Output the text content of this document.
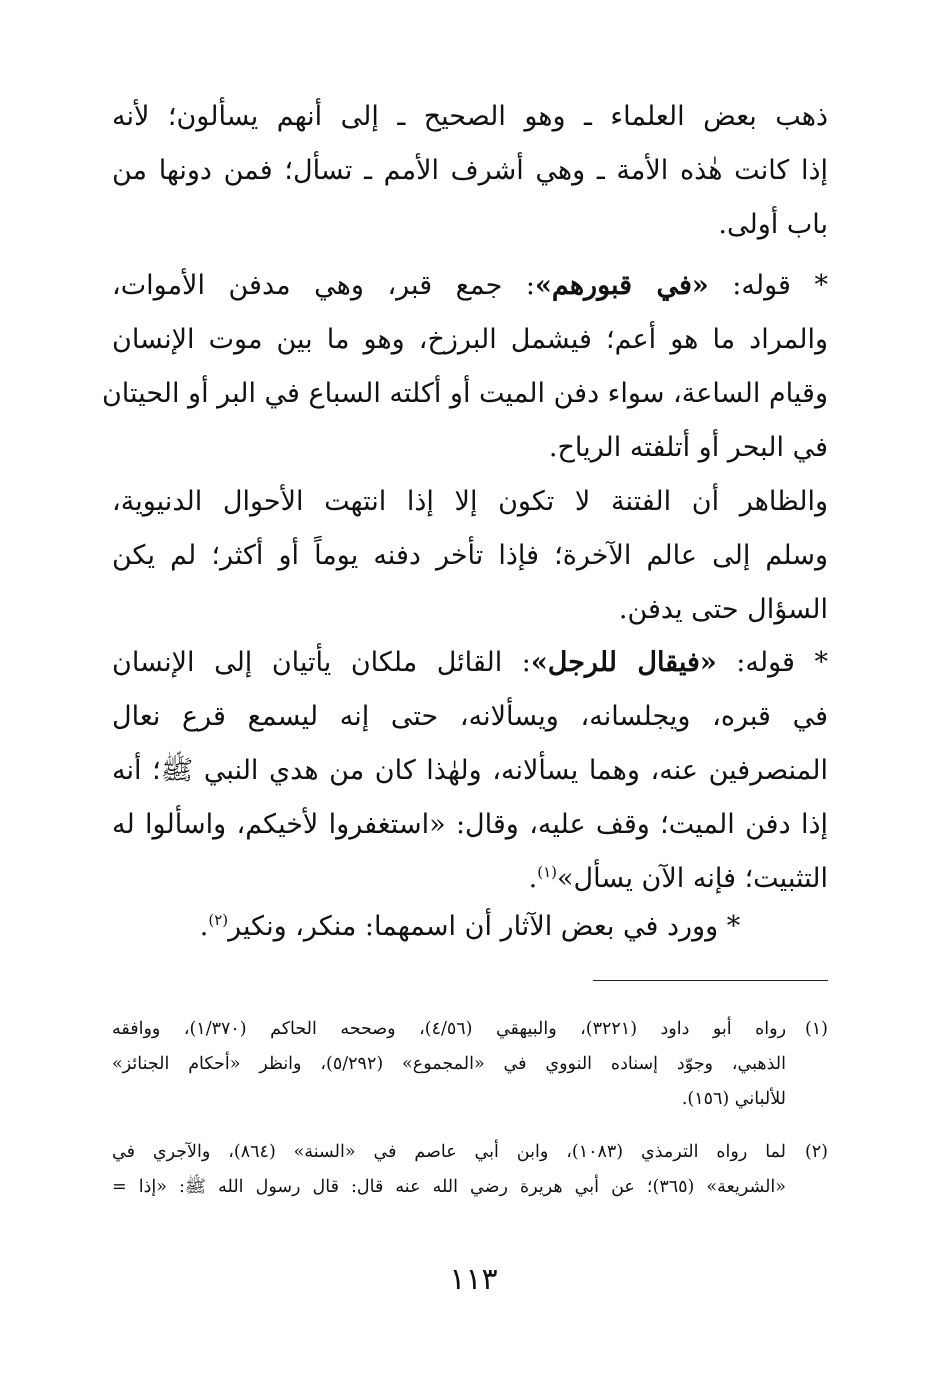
ذهب بعض العلماء ـ وهو الصحيح ـ إلى أنهم يسألون؛ لأنه
إذا كانت هٰذه الأمة ـ وهي أشرف الأمم ـ تسأل؛ فمن دونها من
باب أولى.
* قوله: «في قبورهم»: جمع قبر، وهي مدفن الأموات،
والمراد ما هو أعم؛ فيشمل البرزخ، وهو ما بين موت الإنسان
وقيام الساعة، سواء دفن الميت أو أكلته السباع في البر أو الحيتان
في البحر أو أتلفته الرياح.
والظاهر أن الفتنة لا تكون إلا إذا انتهت الأحوال الدنيوية،
وسلم إلى عالم الآخرة؛ فإذا تأخر دفنه يوماً أو أكثر؛ لم يكن
السؤال حتى يدفن.
* قوله: «فيقال للرجل»: القائل ملكان يأتيان إلى الإنسان
في قبره، ويجلسانه، ويسألانه، حتى إنه ليسمع قرع نعال
المنصرفين عنه، وهما يسألانه، ولهٰذا كان من هدي النبي ﷺ؛ أنه
إذا دفن الميت؛ وقف عليه، وقال: «استغفروا لأخيكم، واسألوا له
التثبيت؛ فإنه الآن يسأل»$^{(١)}$.
* وورد في بعض الآثار أن اسمهما: منكر، ونكير$^{(٢)}$.
(١)
رواه أبو داود (٣٢٢١)، والبيهقي (٤/٥٦)، وصححه الحاكم (١/٣٧٠)، ووافقه
الذهبي، وجوّد إسناده النووي في «المجموع» (٥/٢٩٢)، وانظر «أحكام الجنائز»
للألباني (١٥٦).
(٢)
لما رواه الترمذي (١٠٨٣)، وابن أبي عاصم في «السنة» (٨٦٤)، والآجري في
«الشريعة» (٣٦٥)؛ عن أبي هريرة رضي الله عنه قال: قال رسول الله ﷺ: «إذا =
١١٣
